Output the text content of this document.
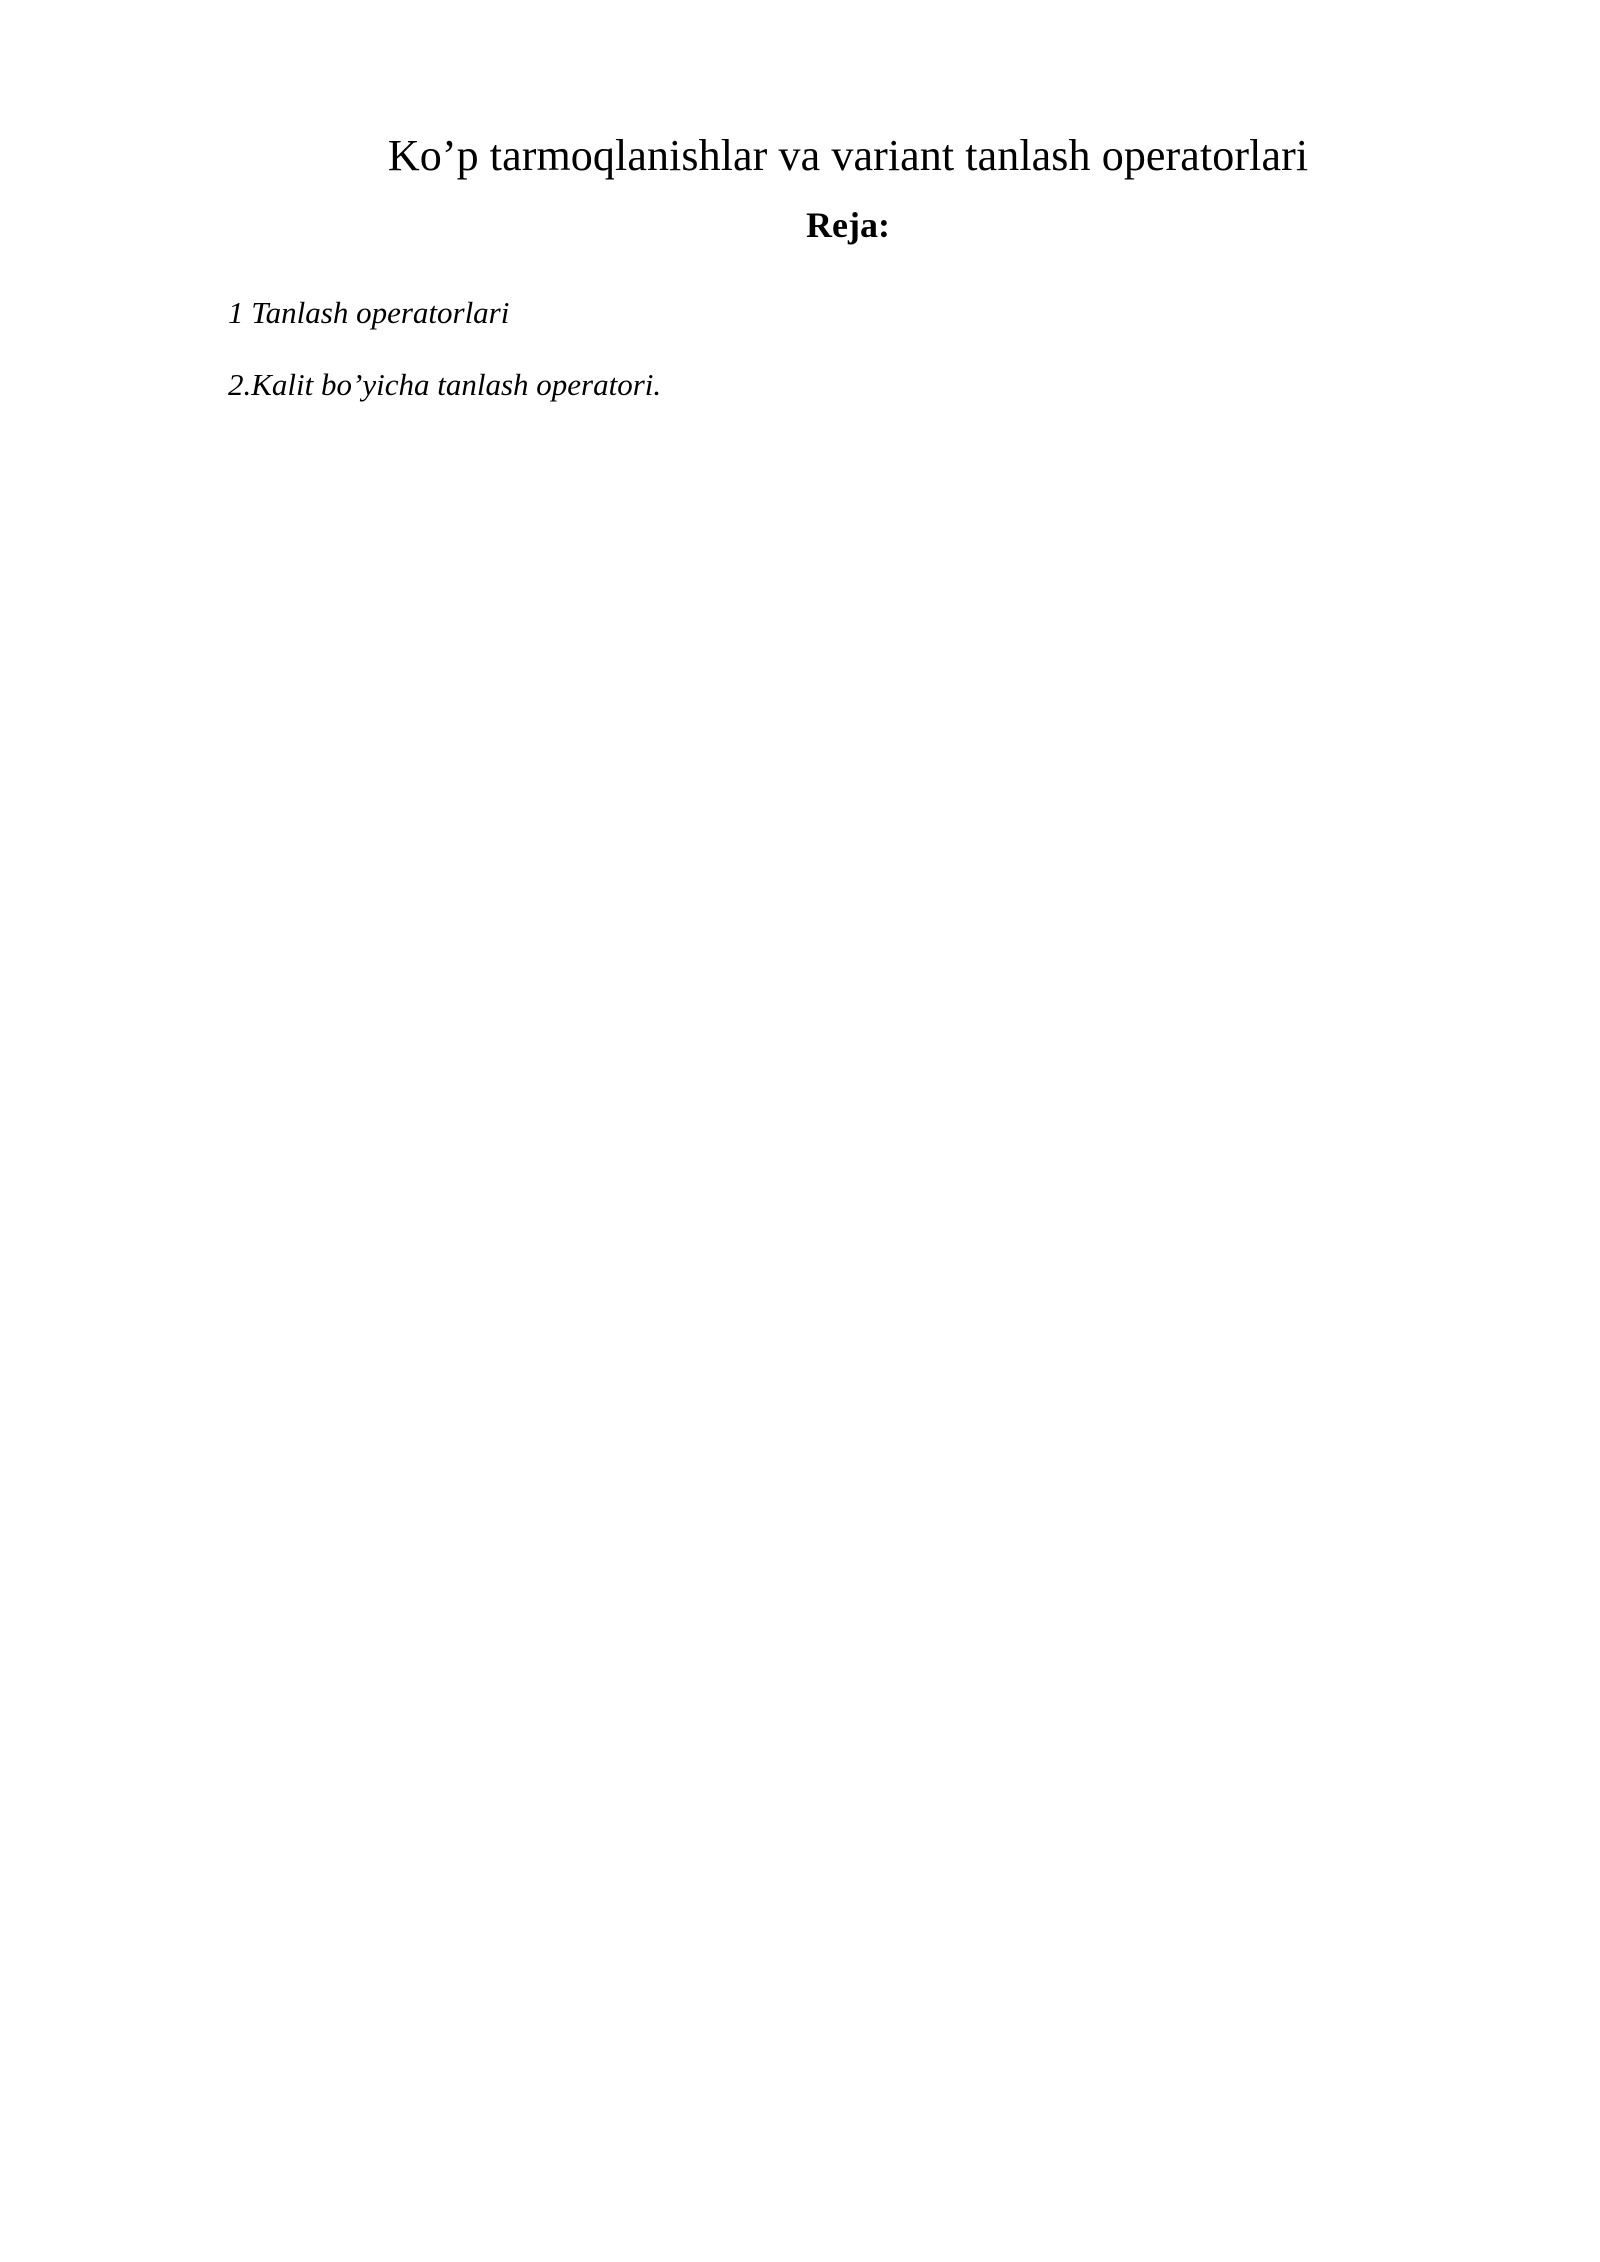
Ko’p tarmoqlanishlar va variant tanlash operatorlari
Reja:
1 Tanlash operatorlari
2.Kalit bo’yicha tanlash operatori.
